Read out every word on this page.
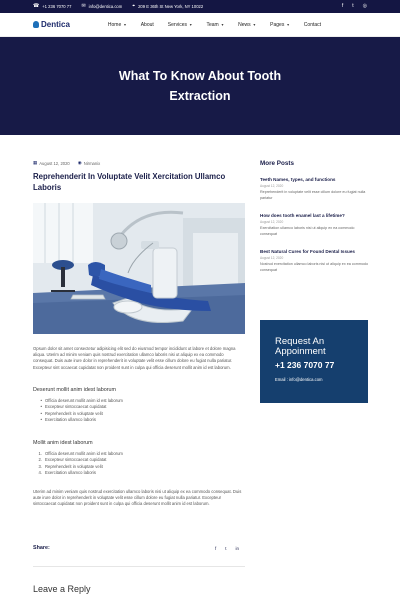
☎ +1 236 7070 77 ✉ info@dentica.com ⌖ 209 E 36th St New York, NY 10022	f t ◎
Dentica	Home ▼	About	Services ▼	Team ▼	News ▼	Pages ▼	Contact
What To Know About Tooth Extraction
▦ August 12, 2020 ◉ Nirmanix
Reprehenderit In Voluptate Velit Xercitation Ullamco Laboris
Opsum dolor sit amet consectetur adipisicing elit sed do eiusmod tempor incididunt ut labore et dolore magna aliqua. Uterim ad minim veniam quis nostrud exercitation ullamco laboris nisi ut aliquip ex ea commodo consequat. Duis aute irure dolor in reprehenderit in voluptate velit esse cillum dolore eu fugiat nulla pariatur. Excepteur sint occaecat cupidatat non proident sunt in culpa qui officia deserunt mollit anim id est laborum.
Deserunt mollit anim idest laborum
• Officia deserunt mollit anim id est laborum
• Excepteur sintoccaecat cupidatat
• Reprehenderit in voluptate velit
• Exercitation ullamco laboris
Mollit anim idest laborum
1. Officia deserunt mollit anim id est laborum
2. Excepteur sintoccaecat cupidatat
3. Reprehenderit in voluptate velit
4. Exercitation ullamco laboris
Uterim ad minim veniam quis nostrud exercitation ullamco laboris nisi ut aliquip ex ea commodo consequat. Duis aute irure dolor in reprehenderit in voluptate velit esse cillum dolore eu fugiat nulla pariatur. Excepteur sintoccaecat cupidatat non proident sunt in culpa qui officia deserunt mollit anim id est laborum.
Share:	f t in
Leave a Reply
More Posts
Teeth Names, types, and functions
August 12, 2020
Reprehenderit in voluptate velit esse cillum dolore eu fugiat nulla pariatur
How does tooth enamel last a lifetime?
August 12, 2020
Exercitation ullamco laboris nisi ut aliquip ex ea commodo consequat
Best Natural Cures for Found Dental Issues
August 12, 2020
Nostrud exercitation ullamco laboris nisi ut aliquip ex ea commodo consequat
Request An Appoinment
+1 236 7070 77
Email : info@dentica.com
